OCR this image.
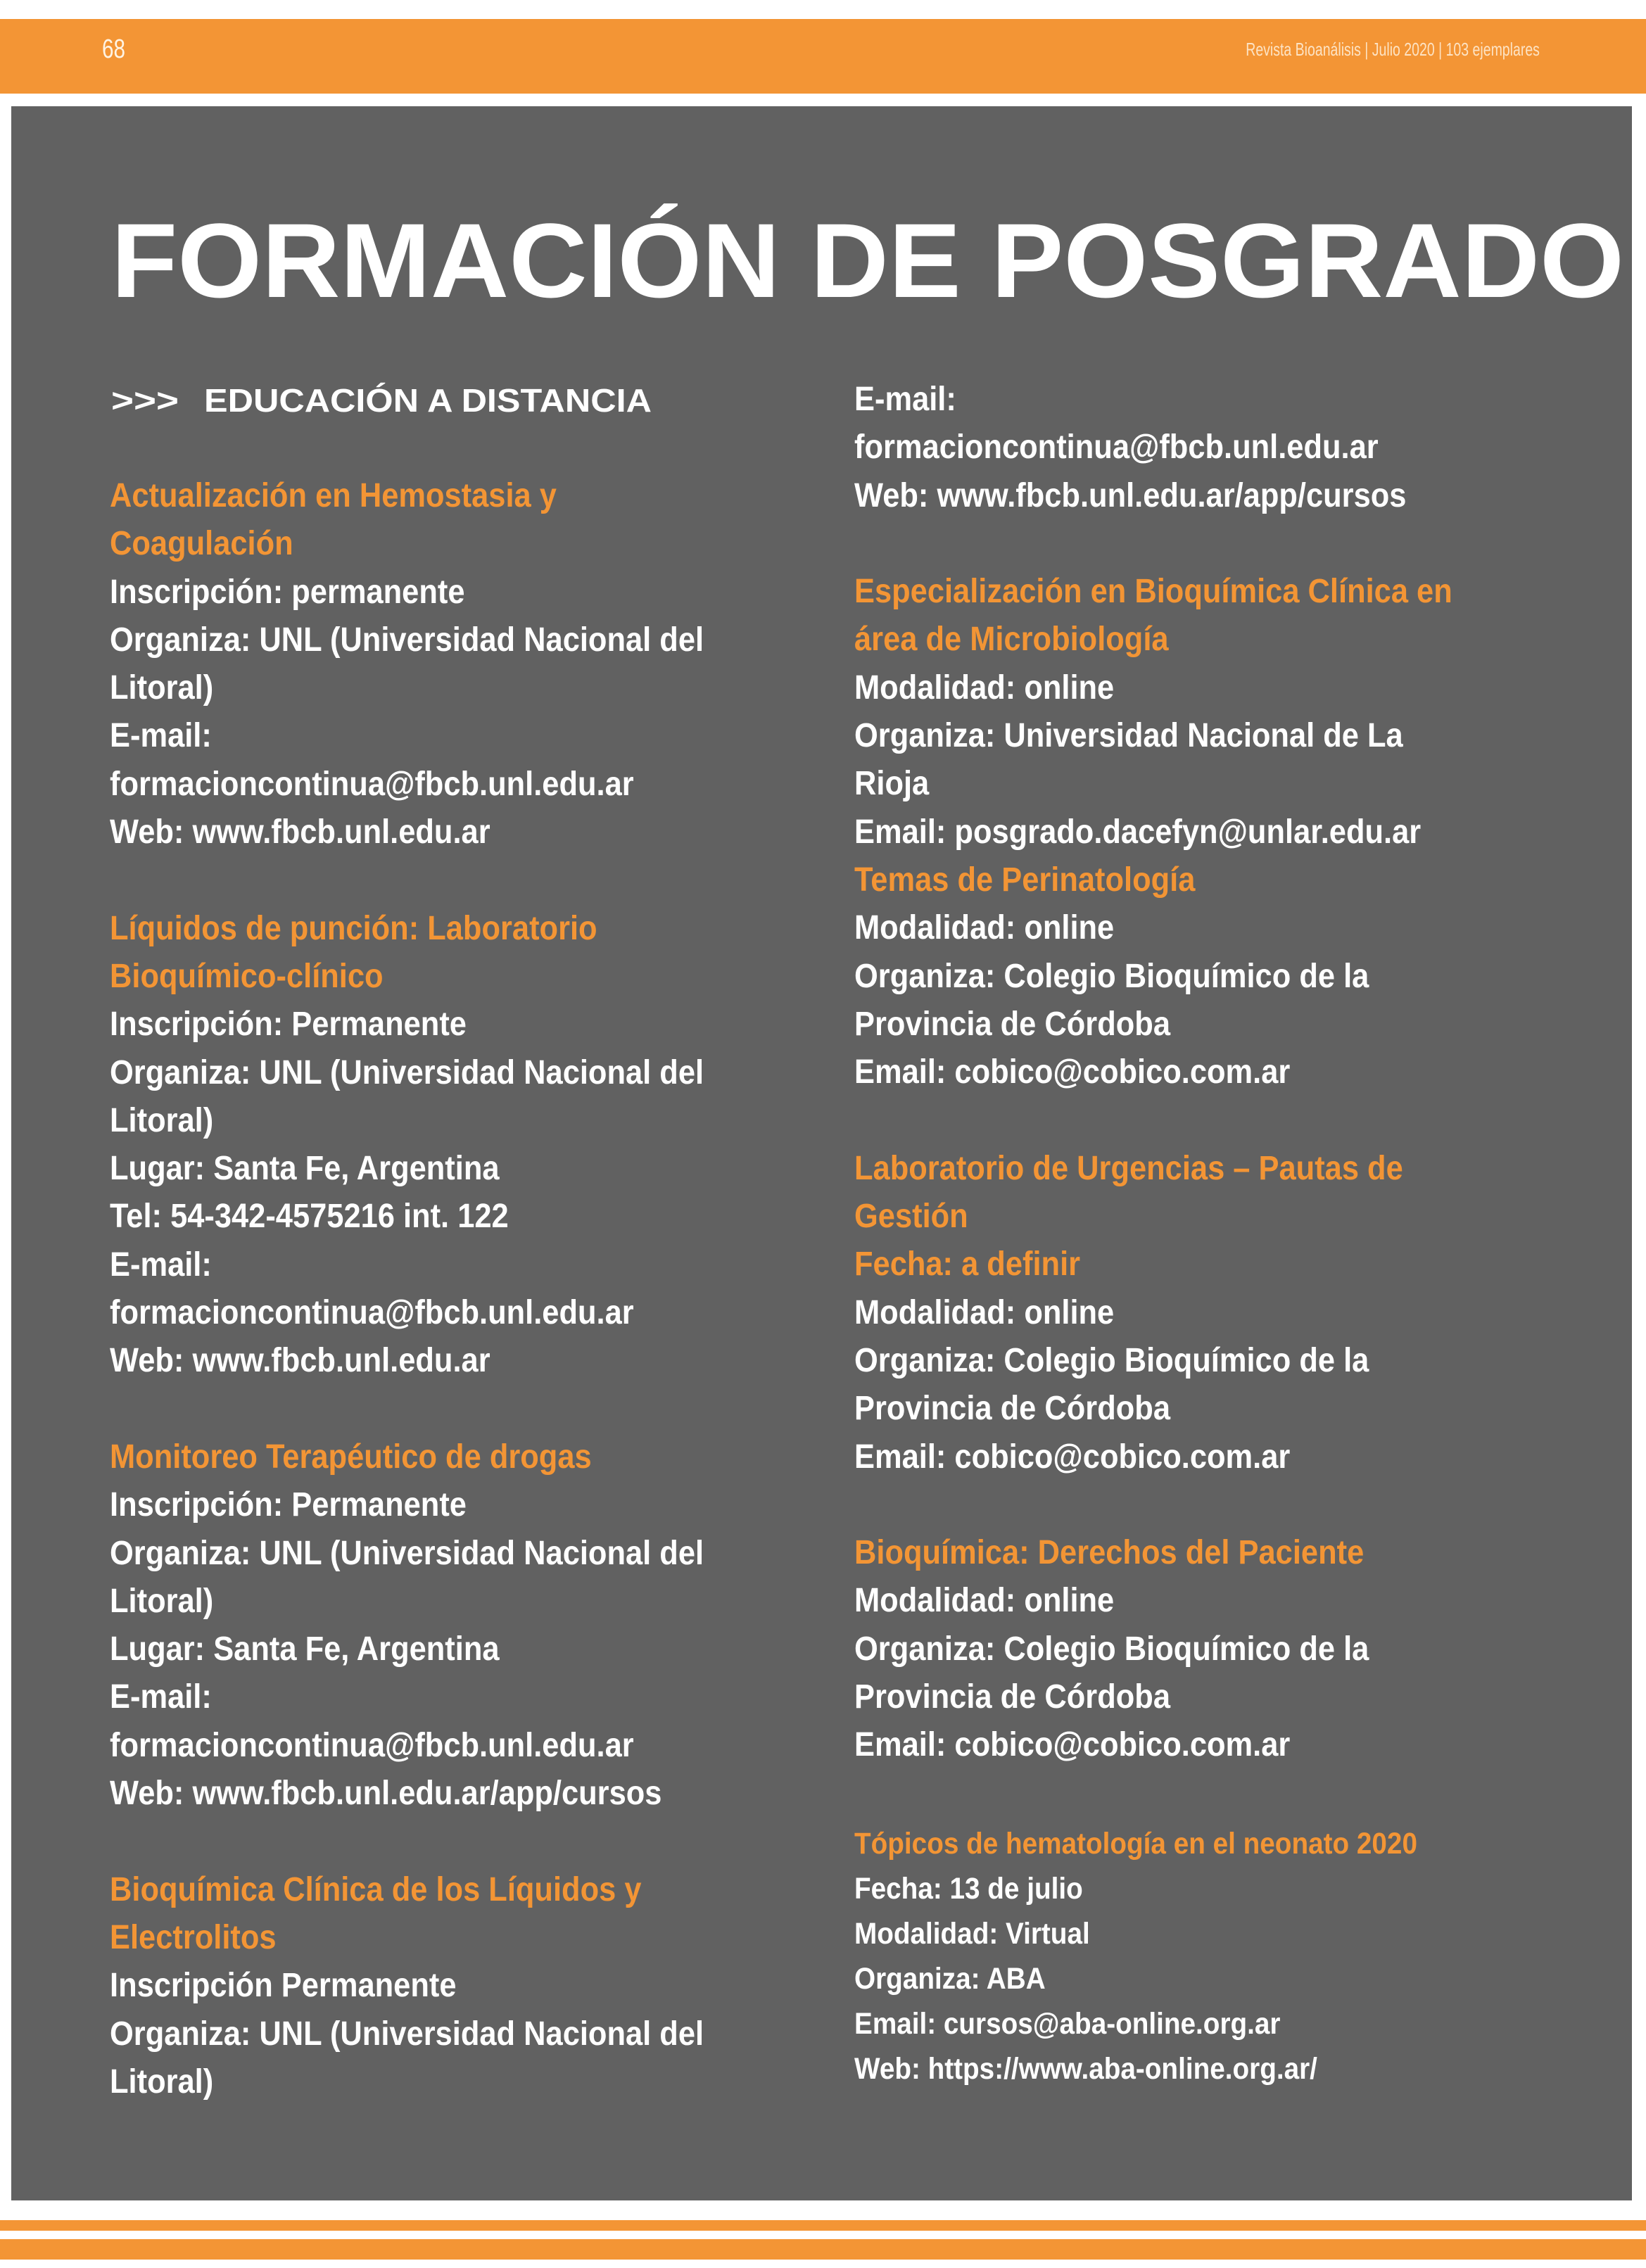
68	Revista Bioanálisis | Julio 2020 | 103 ejemplares
FORMACIÓN DE POSGRADO
>>> EDUCACIÓN A DISTANCIA
Actualización en Hemostasia y
Coagulación
Inscripción: permanente
Organiza: UNL (Universidad Nacional del
Litoral)
E-mail:
formacioncontinua@fbcb.unl.edu.ar
Web: www.fbcb.unl.edu.ar
Líquidos de punción: Laboratorio
Bioquímico-clínico
Inscripción: Permanente
Organiza: UNL (Universidad Nacional del
Litoral)
Lugar: Santa Fe, Argentina
Tel: 54-342-4575216 int. 122
E-mail:
formacioncontinua@fbcb.unl.edu.ar
Web: www.fbcb.unl.edu.ar
Monitoreo Terapéutico de drogas
Inscripción: Permanente
Organiza: UNL (Universidad Nacional del
Litoral)
Lugar: Santa Fe, Argentina
E-mail:
formacioncontinua@fbcb.unl.edu.ar
Web: www.fbcb.unl.edu.ar/app/cursos
Bioquímica Clínica de los Líquidos y
Electrolitos
Inscripción Permanente
Organiza: UNL (Universidad Nacional del
Litoral)
E-mail:
formacioncontinua@fbcb.unl.edu.ar
Web: www.fbcb.unl.edu.ar/app/cursos
Especialización en Bioquímica Clínica en
área de Microbiología
Modalidad: online
Organiza: Universidad Nacional de La
Rioja
Email: posgrado.dacefyn@unlar.edu.ar
Temas de Perinatología
Modalidad: online
Organiza: Colegio Bioquímico de la
Provincia de Córdoba
Email: cobico@cobico.com.ar
Laboratorio de Urgencias – Pautas de
Gestión
Fecha: a definir
Modalidad: online
Organiza: Colegio Bioquímico de la
Provincia de Córdoba
Email: cobico@cobico.com.ar
Bioquímica: Derechos del Paciente
Modalidad: online
Organiza: Colegio Bioquímico de la
Provincia de Córdoba
Email: cobico@cobico.com.ar
Tópicos de hematología en el neonato 2020
Fecha: 13 de julio
Modalidad: Virtual
Organiza: ABA
Email: cursos@aba-online.org.ar
Web: https://www.aba-online.org.ar/
